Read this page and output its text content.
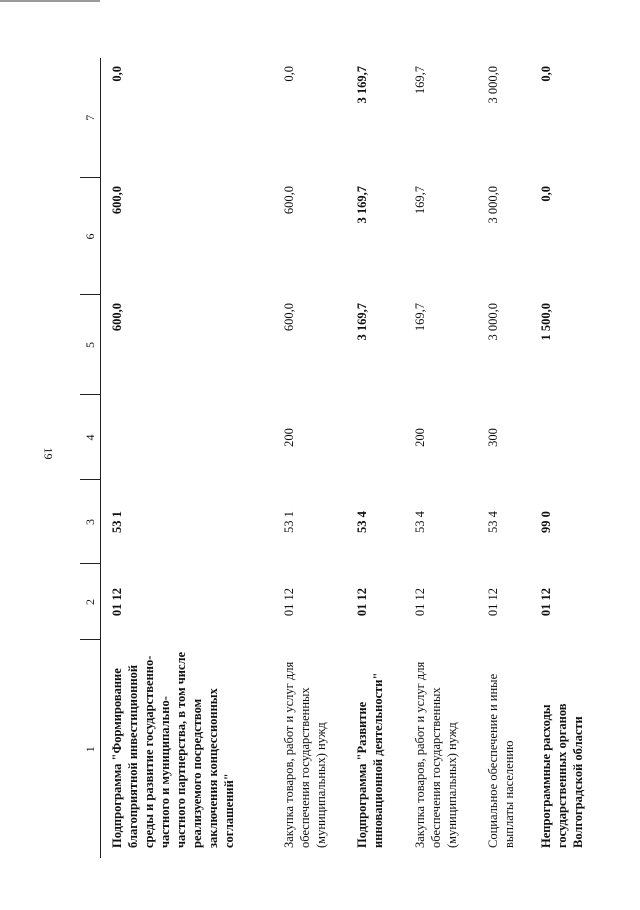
19
1	2	3	4	5	6	7
Подпрограмма "Формирование благоприятной инвестиционной среды и развитие государственно-частного и муниципально-частного партнерства, в том числе реализуемого посредством заключения концессионных соглашений"	01 12	53 1		600,0	600,0	0,0
Закупка товаров, работ и услуг для обеспечения государственных (муниципальных) нужд	01 12	53 1	200	600,0	600,0	0,0
Подпрограмма "Развитие инновационной деятельности"	01 12	53 4		3 169,7	3 169,7	3 169,7
Закупка товаров, работ и услуг для обеспечения государственных (муниципальных) нужд	01 12	53 4	200	169,7	169,7	169,7
Социальное обеспечение и иные выплаты населению	01 12	53 4	300	3 000,0	3 000,0	3 000,0
Непрограммные расходы государственных органов Волгоградской области	01 12	99 0		1 500,0	0,0	0,0
